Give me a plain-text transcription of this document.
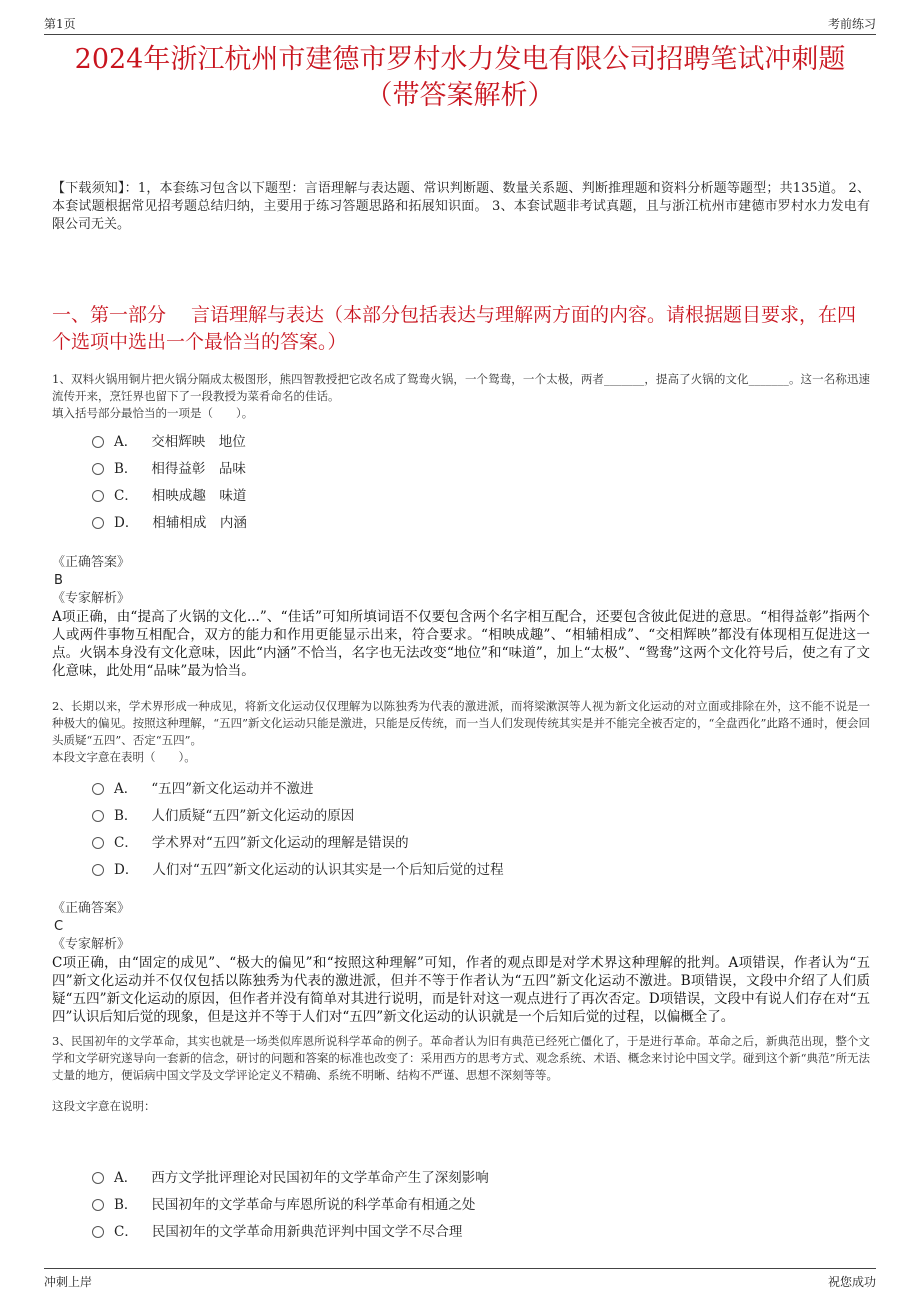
第1页	考前练习
2024年浙江杭州市建德市罗村水力发电有限公司招聘笔试冲刺题（带答案解析）
【下载须知】：1，本套练习包含以下题型：言语理解与表达题、常识判断题、数量关系题、判断推理题和资料分析题等题型；共135道。 2、本套试题根据常见招考题总结归纳，主要用于练习答题思路和拓展知识面。 3、本套试题非考试真题，且与浙江杭州市建德市罗村水力发电有限公司无关。
一、第一部分　 言语理解与表达（本部分包括表达与理解两方面的内容。请根据题目要求，在四个选项中选出一个最恰当的答案。）
1、双料火锅用铜片把火锅分隔成太极图形，熊四智教授把它改名成了鸳鸯火锅，一个鸳鸯，一个太极，两者_______，提高了火锅的文化_______。这一名称迅速流传开来，烹饪界也留下了一段教授为菜肴命名的佳话。
填入括号部分最恰当的一项是（　　）。
A． 交相辉映　地位
B． 相得益彰　品味
C． 相映成趣　味道
D． 相辅相成　内涵
《正确答案》
B
《专家解析》
A项正确，由“提高了火锅的文化...”、“佳话”可知所填词语不仅要包含两个名字相互配合，还要包含彼此促进的意思。“相得益彰”指两个人或两件事物互相配合，双方的能力和作用更能显示出来，符合要求。“相映成趣”、“相辅相成”、“交相辉映”都没有体现相互促进这一点。火锅本身没有文化意味，因此“内涵”不恰当，名字也无法改变“地位”和“味道”，加上“太极”、“鸳鸯”这两个文化符号后，使之有了文化意味，此处用“品味”最为恰当。
2、长期以来，学术界形成一种成见，将新文化运动仅仅理解为以陈独秀为代表的激进派，而将梁漱溟等人视为新文化运动的对立面或排除在外，这不能不说是一种极大的偏见。按照这种理解，“五四”新文化运动只能是激进，只能是反传统，而一当人们发现传统其实是并不能完全被否定的，“全盘西化”此路不通时，便会回头质疑“五四”、否定“五四”。
本段文字意在表明（　　）。
A． “五四”新文化运动并不激进
B． 人们质疑“五四”新文化运动的原因
C． 学术界对“五四”新文化运动的理解是错误的
D． 人们对“五四”新文化运动的认识其实是一个后知后觉的过程
《正确答案》
C
《专家解析》
C项正确，由“固定的成见”、“极大的偏见”和“按照这种理解”可知，作者的观点即是对学术界这种理解的批判。A项错误，作者认为“五四”新文化运动并不仅仅包括以陈独秀为代表的激进派，但并不等于作者认为“五四”新文化运动不激进。B项错误，文段中介绍了人们质疑“五四”新文化运动的原因，但作者并没有简单对其进行说明，而是针对这一观点进行了再次否定。D项错误，文段中有说人们存在对“五四”认识后知后觉的现象，但是这并不等于人们对“五四”新文化运动的认识就是一个后知后觉的过程，以偏概全了。
3、民国初年的文学革命，其实也就是一场类似库恩所说科学革命的例子。革命者认为旧有典范已经死亡僵化了，于是进行革命。革命之后，新典范出现，整个文学和文学研究遂导向一套新的信念，研讨的问题和答案的标准也改变了：采用西方的思考方式、观念系统、术语、概念来讨论中国文学。碰到这个新“典范”所无法丈量的地方，便诟病中国文学及文学评论定义不精确、系统不明晰、结构不严谨、思想不深刻等等。
这段文字意在说明：
A． 西方文学批评理论对民国初年的文学革命产生了深刻影响
B． 民国初年的文学革命与库恩所说的科学革命有相通之处
C． 民国初年的文学革命用新典范评判中国文学不尽合理
冲刺上岸	祝您成功
